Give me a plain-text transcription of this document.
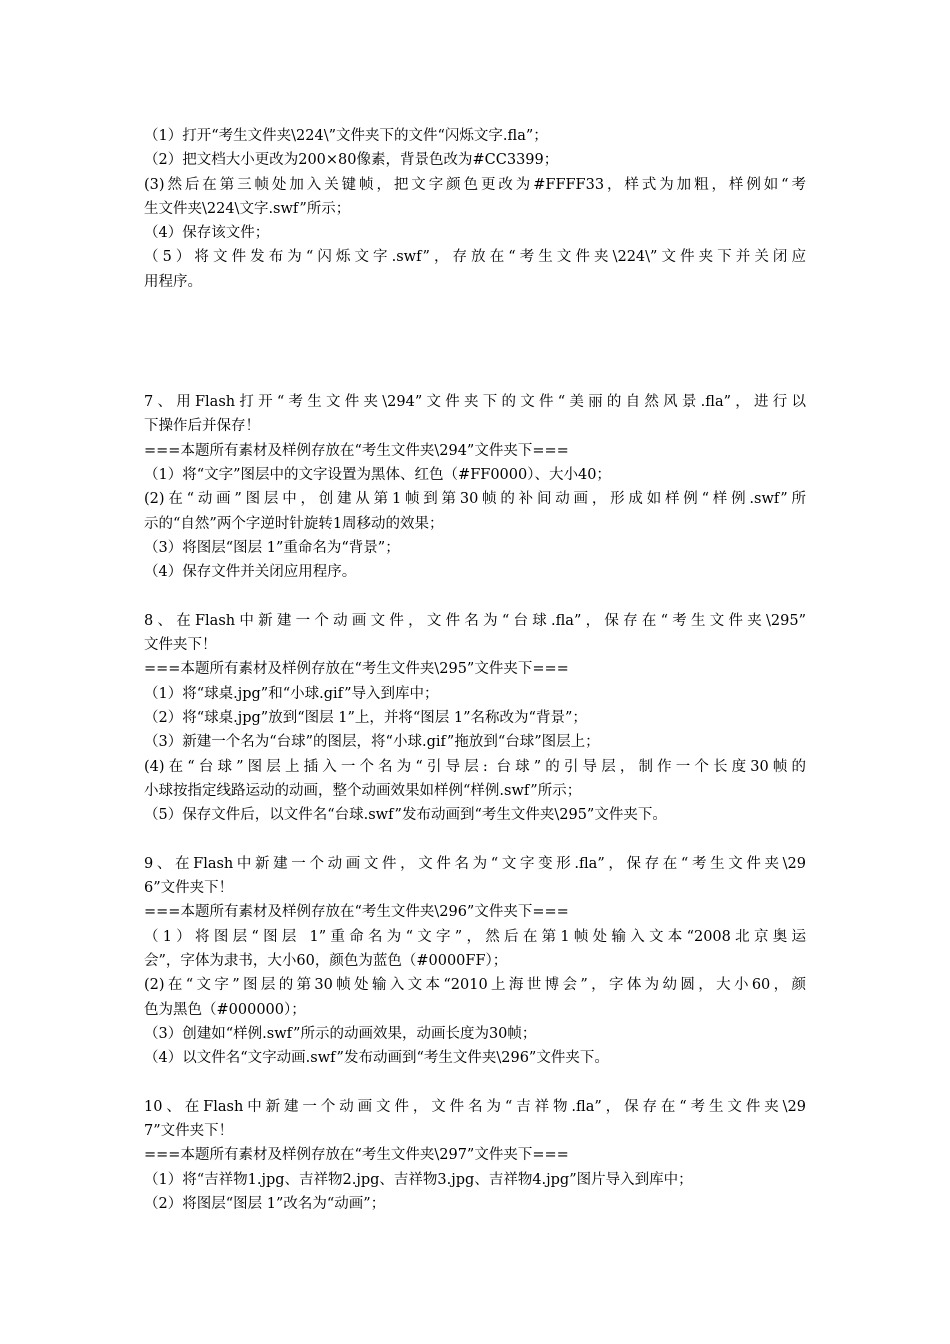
（1）打开“考生文件夹\224\”文件夹下的文件“闪烁文字.fla”；
（2）把文档大小更改为200×80像素，背景色改为#CC3399；
(3)然后在第三帧处加入关键帧，把文字颜色更改为#FFFF33，样式为加粗，样例如“考
生文件夹\224\文字.swf”所示；
（4）保存该文件；
（5）将文件发布为“闪烁文字.swf”，存放在“考生文件夹\224\”文件夹下并关闭应
用程序。
7、用Flash打开“考生文件夹\294”文件夹下的文件“美丽的自然风景.fla”，进行以
下操作后并保存！
===本题所有素材及样例存放在“考生文件夹\294”文件夹下===
（1）将“文字”图层中的文字设置为黑体、红色（#FF0000）、大小40；
(2)在“动画”图层中，创建从第1帧到第30帧的补间动画，形成如样例“样例.swf”所
示的“自然”两个字逆时针旋转1周移动的效果；
（3）将图层“图层 1”重命名为“背景”；
（4）保存文件并关闭应用程序。
8、在Flash中新建一个动画文件，文件名为“台球.fla”，保存在“考生文件夹\295”
文件夹下！
===本题所有素材及样例存放在“考生文件夹\295”文件夹下===
（1）将“球桌.jpg”和“小球.gif”导入到库中；
（2）将“球桌.jpg”放到“图层 1”上，并将“图层 1”名称改为“背景”；
（3）新建一个名为“台球”的图层，将“小球.gif”拖放到“台球”图层上；
(4)在“台球”图层上插入一个名为“引导层: 台球”的引导层，制作一个长度30帧的
小球按指定线路运动的动画，整个动画效果如样例“样例.swf”所示；
（5）保存文件后，以文件名“台球.swf”发布动画到“考生文件夹\295”文件夹下。
9、在Flash中新建一个动画文件，文件名为“文字变形.fla”，保存在“考生文件夹\29
6”文件夹下！
===本题所有素材及样例存放在“考生文件夹\296”文件夹下===
（1）将图层“图层 1”重命名为“文字”，然后在第1帧处输入文本“2008北京奥运
会”，字体为隶书，大小60，颜色为蓝色（#0000FF）；
(2)在“文字”图层的第30帧处输入文本“2010上海世博会”，字体为幼圆，大小60，颜
色为黑色（#000000）；
（3）创建如“样例.swf”所示的动画效果，动画长度为30帧；
（4）以文件名“文字动画.swf”发布动画到“考生文件夹\296”文件夹下。
10、在Flash中新建一个动画文件，文件名为“吉祥物.fla”，保存在“考生文件夹\29
7”文件夹下！
===本题所有素材及样例存放在“考生文件夹\297”文件夹下===
（1）将“吉祥物1.jpg、吉祥物2.jpg、吉祥物3.jpg、吉祥物4.jpg”图片导入到库中；
（2）将图层“图层 1”改名为“动画”；
